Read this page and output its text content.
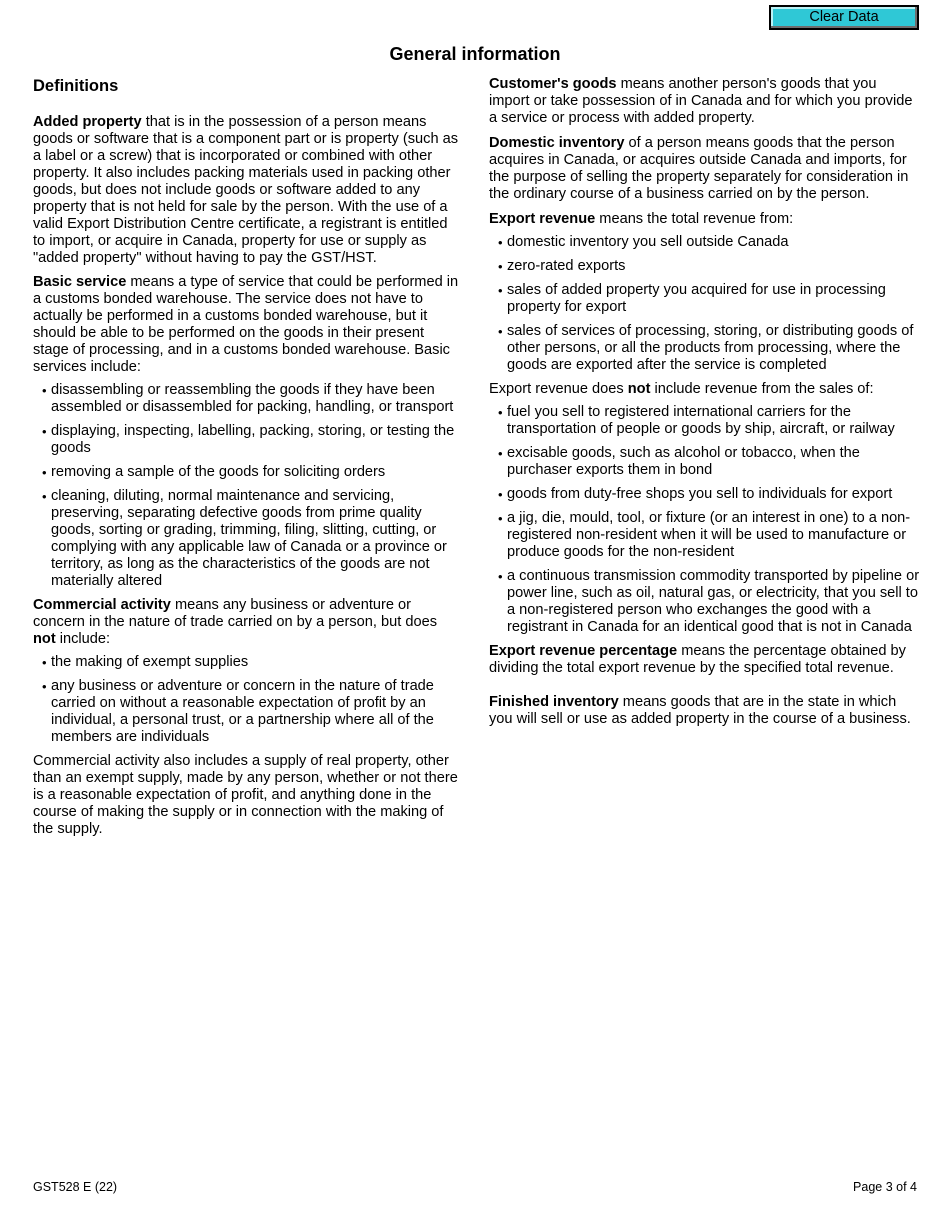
Clear Data
General information
Definitions

Added property that is in the possession of a person means goods or software that is a component part or is property (such as a label or a screw) that is incorporated or combined with other property. It also includes packing materials used in packing other goods, but does not include goods or software added to any property that is not held for sale by the person. With the use of a valid Export Distribution Centre certificate, a registrant is entitled to import, or acquire in Canada, property for use or supply as "added property" without having to pay the GST/HST.

Basic service means a type of service that could be performed in a customs bonded warehouse. The service does not have to actually be performed in a customs bonded warehouse, but it should be able to be performed on the goods in their present stage of processing, and in a customs bonded warehouse. Basic services include:

• disassembling or reassembling the goods if they have been assembled or disassembled for packing, handling, or transport
• displaying, inspecting, labelling, packing, storing, or testing the goods
• removing a sample of the goods for soliciting orders
• cleaning, diluting, normal maintenance and servicing, preserving, separating defective goods from prime quality goods, sorting or grading, trimming, filing, slitting, cutting, or complying with any applicable law of Canada or a province or territory, as long as the characteristics of the goods are not materially altered

Commercial activity means any business or adventure or concern in the nature of trade carried on by a person, but does not include:

• the making of exempt supplies
• any business or adventure or concern in the nature of trade carried on without a reasonable expectation of profit by an individual, a personal trust, or a partnership where all of the members are individuals

Commercial activity also includes a supply of real property, other than an exempt supply, made by any person, whether or not there is a reasonable expectation of profit, and anything done in the course of making the supply or in connection with the making of the supply.

Customer's goods means another person's goods that you import or take possession of in Canada and for which you provide a service or process with added property.

Domestic inventory of a person means goods that the person acquires in Canada, or acquires outside Canada and imports, for the purpose of selling the property separately for consideration in the ordinary course of a business carried on by the person.

Export revenue means the total revenue from:

• domestic inventory you sell outside Canada
• zero-rated exports
• sales of added property you acquired for use in processing property for export
• sales of services of processing, storing, or distributing goods of other persons, or all the products from processing, where the goods are exported after the service is completed

Export revenue does not include revenue from the sales of:

• fuel you sell to registered international carriers for the transportation of people or goods by ship, aircraft, or railway
• excisable goods, such as alcohol or tobacco, when the purchaser exports them in bond
• goods from duty-free shops you sell to individuals for export
• a jig, die, mould, tool, or fixture (or an interest in one) to a non-registered non-resident when it will be used to manufacture or produce goods for the non-resident
• a continuous transmission commodity transported by pipeline or power line, such as oil, natural gas, or electricity, that you sell to a non-registered person who exchanges the good with a registrant in Canada for an identical good that is not in Canada

Export revenue percentage means the percentage obtained by dividing the total export revenue by the specified total revenue.

Finished inventory means goods that are in the state in which you will sell or use as added property in the course of a business.

GST528 E (22)	Page 3 of 4
